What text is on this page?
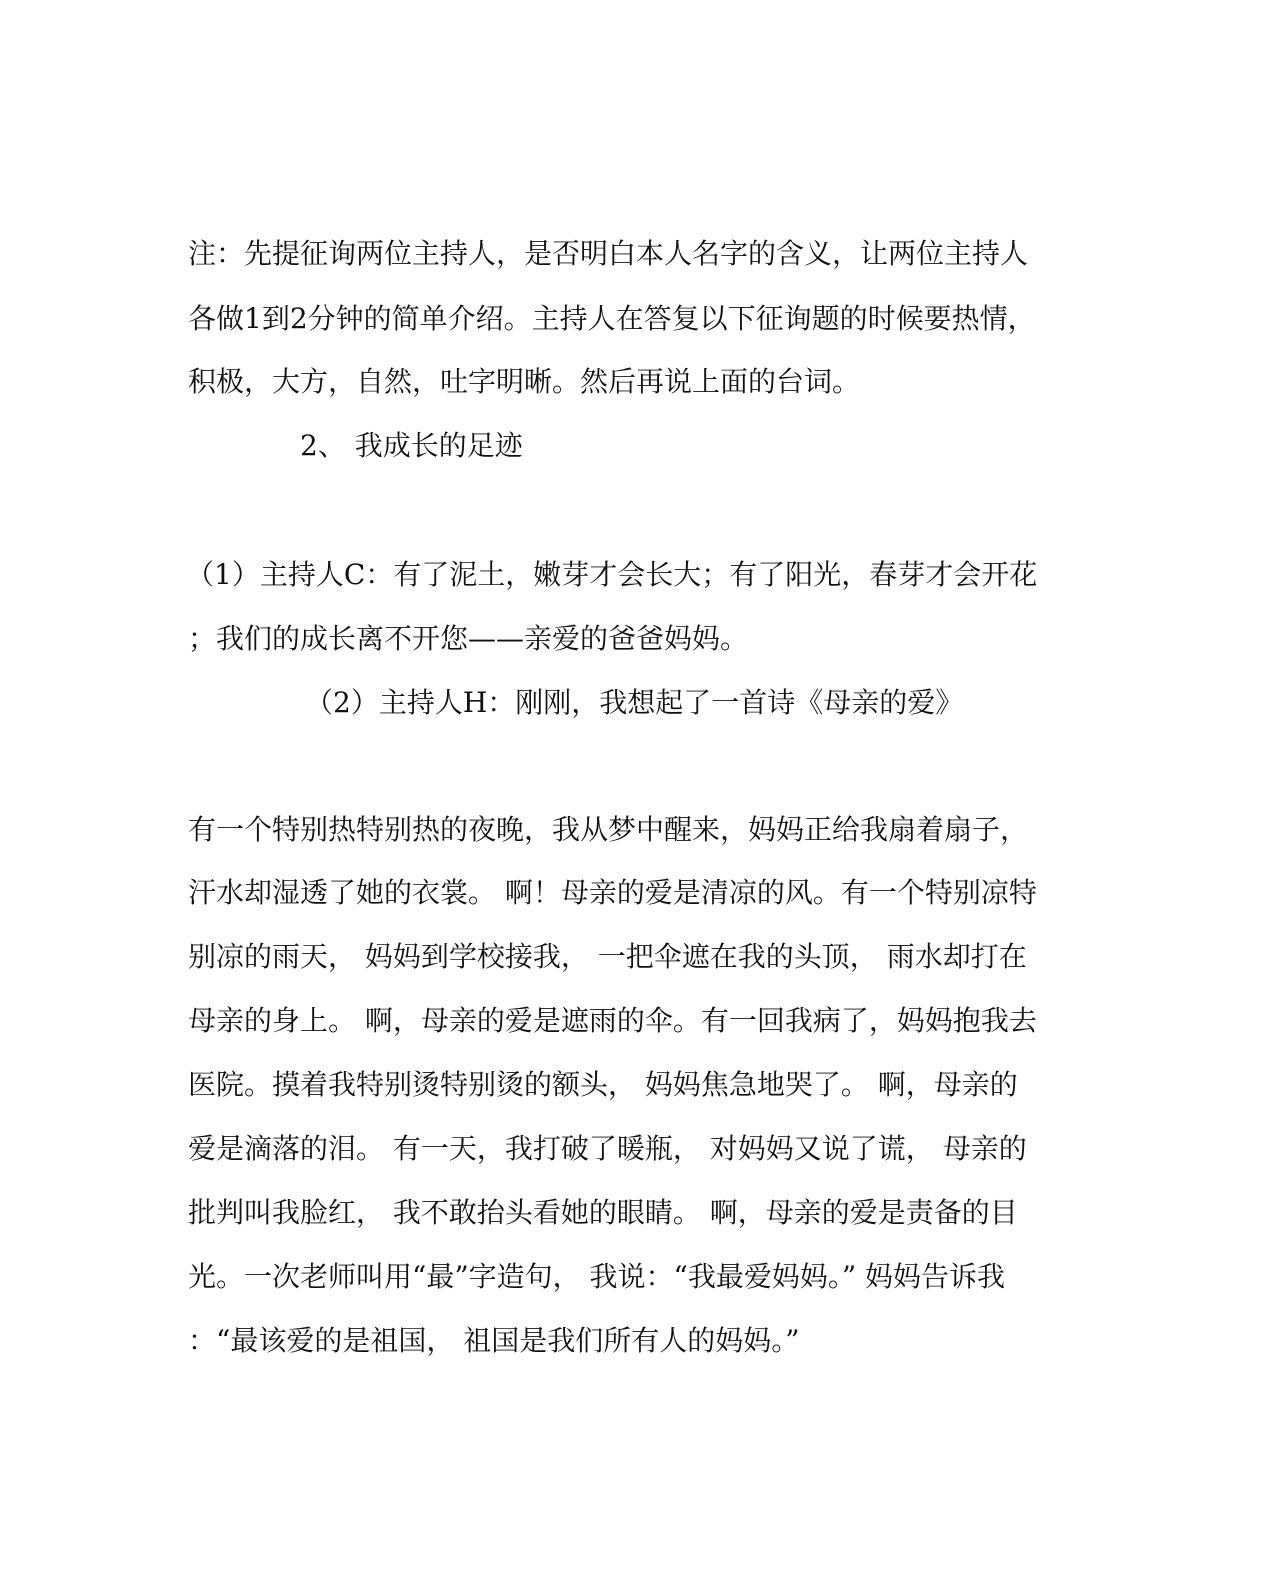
注：先提征询两位主持人，是否明白本人名字的含义，让两位主持人
各做1到2分钟的简单介绍。主持人在答复以下征询题的时候要热情，
积极，大方，自然，吐字明晰。然后再说上面的台词。
2、 我成长的足迹
（1）主持人C：有了泥土，嫩芽才会长大；有了阳光，春芽才会开花
；我们的成长离不开您——亲爱的爸爸妈妈。
（2）主持人H：刚刚，我想起了一首诗《母亲的爱》
有一个特别热特别热的夜晚，我从梦中醒来，妈妈正给我扇着扇子，
汗水却湿透了她的衣裳。 啊！母亲的爱是清凉的风。有一个特别凉特
别凉的雨天， 妈妈到学校接我， 一把伞遮在我的头顶， 雨水却打在
母亲的身上。 啊，母亲的爱是遮雨的伞。有一回我病了，妈妈抱我去
医院。摸着我特别烫特别烫的额头， 妈妈焦急地哭了。 啊，母亲的
爱是滴落的泪。 有一天，我打破了暖瓶， 对妈妈又说了谎， 母亲的
批判叫我脸红， 我不敢抬头看她的眼睛。 啊，母亲的爱是责备的目
光。一次老师叫用“最”字造句， 我说：“我最爱妈妈。” 妈妈告诉我
：“最该爱的是祖国， 祖国是我们所有人的妈妈。”
